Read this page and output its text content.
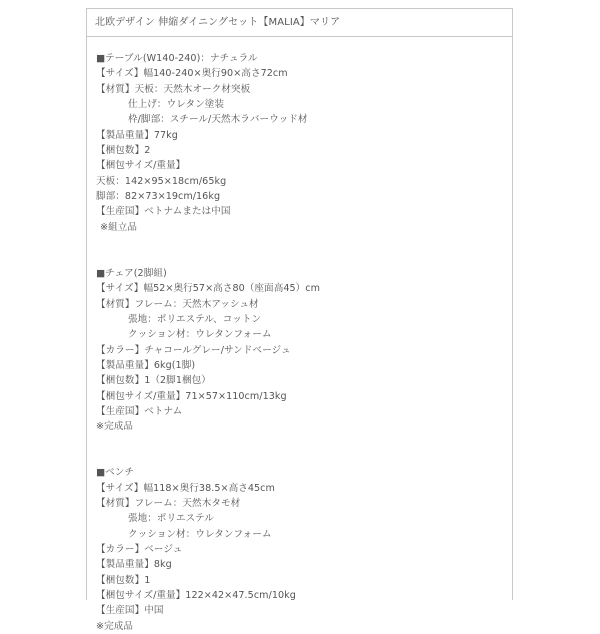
北欧デザイン 伸縮ダイニングセット【MALIA】マリア
■テーブル(W140-240)：ナチュラル
【サイズ】幅140-240×奥行90×高さ72cm
【材質】天板：天然木オーク材突板
仕上げ：ウレタン塗装
枠/脚部：スチール/天然木ラバーウッド材
【製品重量】77kg
【梱包数】2
【梱包サイズ/重量】
天板：142×95×18cm/65kg
脚部：82×73×19cm/16kg
【生産国】ベトナムまたは中国
※組立品
■チェア(2脚組)
【サイズ】幅52×奥行57×高さ80（座面高45）cm
【材質】フレーム：天然木アッシュ材
張地：ポリエステル、コットン
クッション材：ウレタンフォーム
【カラー】チャコールグレー/サンドベージュ
【製品重量】6kg(1脚)
【梱包数】1（2脚1梱包）
【梱包サイズ/重量】71×57×110cm/13kg
【生産国】ベトナム
※完成品
■ベンチ
【サイズ】幅118×奥行38.5×高さ45cm
【材質】フレーム：天然木タモ材
張地：ポリエステル
クッション材：ウレタンフォーム
【カラー】ベージュ
【製品重量】8kg
【梱包数】1
【梱包サイズ/重量】122×42×47.5cm/10kg
【生産国】中国
※完成品
